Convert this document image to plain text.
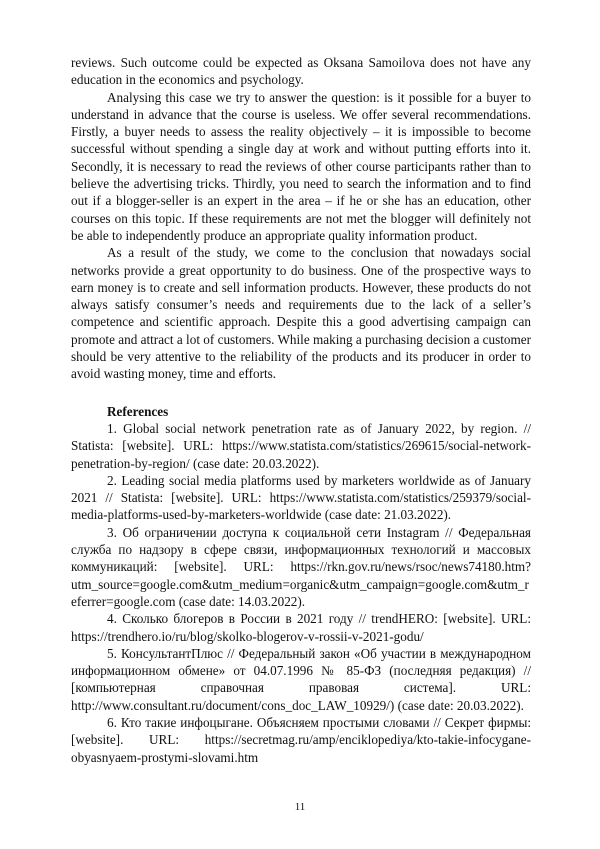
reviews. Such outcome could be expected as Oksana Samoilova does not have any education in the economics and psychology.

Analysing this case we try to answer the question: is it possible for a buyer to understand in advance that the course is useless. We offer several recommendations. Firstly, a buyer needs to assess the reality objectively – it is impossible to become successful without spending a single day at work and without putting efforts into it. Secondly, it is necessary to read the reviews of other course participants rather than to believe the advertising tricks. Thirdly, you need to search the information and to find out if a blogger-seller is an expert in the area – if he or she has an education, other courses on this topic. If these requirements are not met the blogger will definitely not be able to independently produce an appropriate quality information product.

As a result of the study, we come to the conclusion that nowadays social networks provide a great opportunity to do business. One of the prospective ways to earn money is to create and sell information products. However, these products do not always satisfy consumer’s needs and requirements due to the lack of a seller’s competence and scientific approach. Despite this a good advertising campaign can promote and attract a lot of customers. While making a purchasing decision a customer should be very attentive to the reliability of the products and its producer in order to avoid wasting money, time and efforts.

References

1. Global social network penetration rate as of January 2022, by region. // Statista: [website]. URL: https://www.statista.com/statistics/269615/social-network-penetration-by-region/ (case date: 20.03.2022).

2. Leading social media platforms used by marketers worldwide as of January 2021 // Statista: [website]. URL: https://www.statista.com/statistics/259379/social-media-platforms-used-by-marketers-worldwide (case date: 21.03.2022).

3. Об ограничении доступа к социальной сети Instagram // Федеральная служба по надзору в сфере связи, информационных технологий и массовых коммуникаций: [website]. URL: https://rkn.gov.ru/news/rsoc/news74180.htm?utm_source=google.com&utm_medium=organic&utm_campaign=google.com&utm_referrer=google.com (case date: 14.03.2022).

4. Сколько блогеров в России в 2021 году // trendHERO: [website]. URL: https://trendhero.io/ru/blog/skolko-blogerov-v-rossii-v-2021-godu/

5. КонсультантПлюс // Федеральный закон «Об участии в международном информационном обмене» от 04.07.1996 № 85-ФЗ (последняя редакция) // [компьютерная справочная правовая система]. URL: http://www.consultant.ru/document/cons_doc_LAW_10929/) (case date: 20.03.2022).

6. Кто такие инфоцыгане. Объясняем простыми словами // Секрет фирмы: [website]. URL: https://secretmag.ru/amp/enciklopediya/kto-takie-infocygane-obyasnyaem-prostymi-slovami.htm

11
